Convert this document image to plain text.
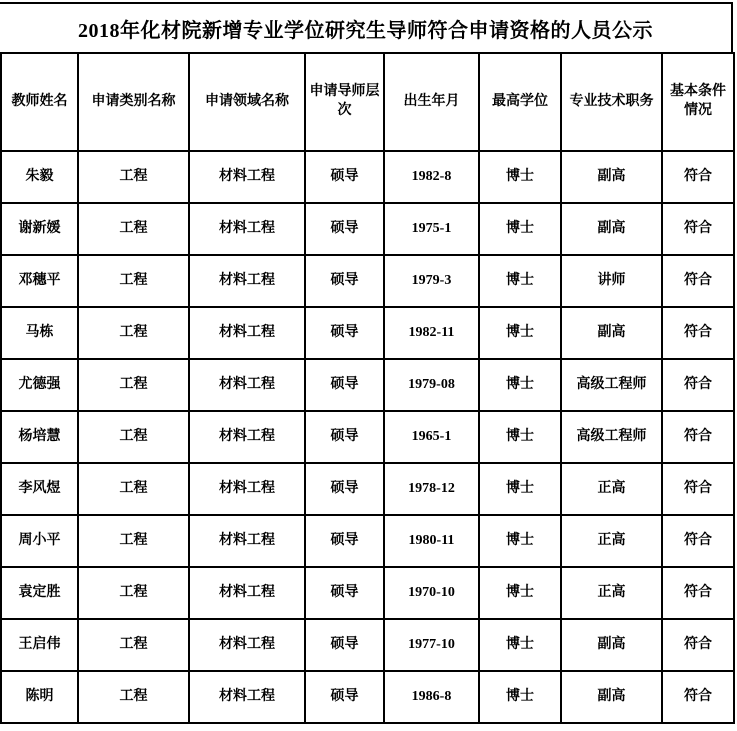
2018年化材院新增专业学位研究生导师符合申请资格的人员公示
教师姓名	申请类别名称	申请领域名称	申请导师层次	出生年月	最高学位	专业技术职务	基本条件情况
朱毅	工程	材料工程	硕导	1982-8	博士	副高	符合
谢新媛	工程	材料工程	硕导	1975-1	博士	副高	符合
邓穗平	工程	材料工程	硕导	1979-3	博士	讲师	符合
马栋	工程	材料工程	硕导	1982-11	博士	副高	符合
尤德强	工程	材料工程	硕导	1979-08	博士	高级工程师	符合
杨培慧	工程	材料工程	硕导	1965-1	博士	高级工程师	符合
李风煜	工程	材料工程	硕导	1978-12	博士	正高	符合
周小平	工程	材料工程	硕导	1980-11	博士	正高	符合
袁定胜	工程	材料工程	硕导	1970-10	博士	正高	符合
王启伟	工程	材料工程	硕导	1977-10	博士	副高	符合
陈明	工程	材料工程	硕导	1986-8	博士	副高	符合
